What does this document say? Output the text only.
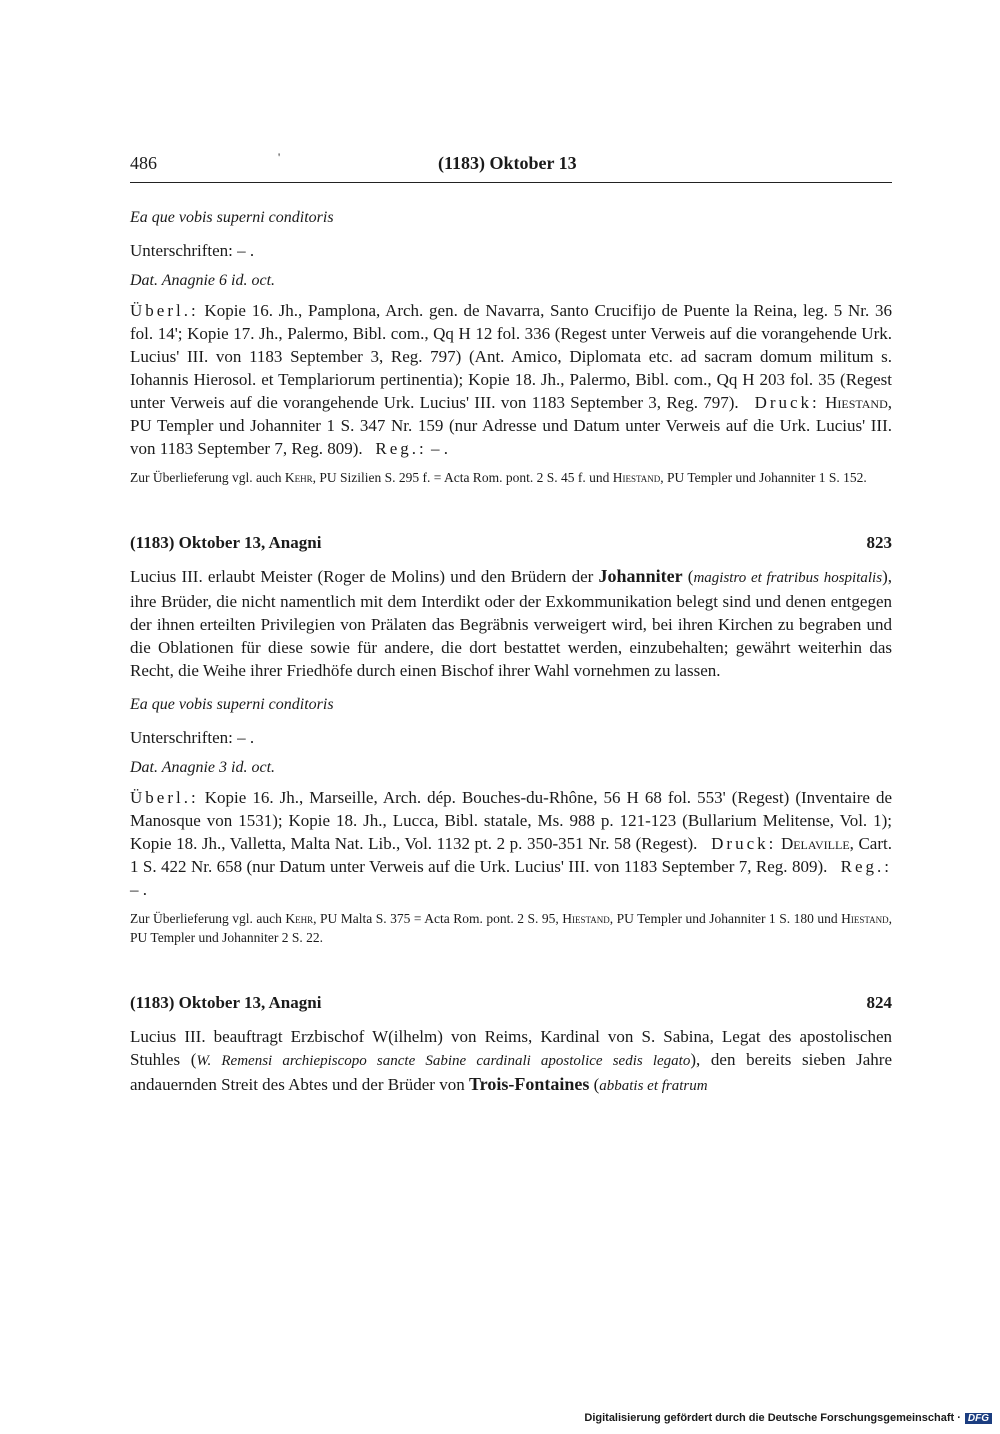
486	'	(1183) Oktober 13

Ea que vobis superni conditoris

Unterschriften: – .

Dat. Anagnie 6 id. oct.

Überl.: Kopie 16. Jh., Pamplona, Arch. gen. de Navarra, Santo Crucifijo de Puente la Reina, leg. 5 Nr. 36 fol. 14'; Kopie 17. Jh., Palermo, Bibl. com., Qq H 12 fol. 336 (Regest unter Verweis auf die vorangehende Urk. Lucius' III. von 1183 September 3, Reg. 797) (Ant. Amico, Diplomata etc. ad sacram domum militum s. Iohannis Hierosol. et Templariorum pertinentia); Kopie 18. Jh., Palermo, Bibl. com., Qq H 203 fol. 35 (Regest unter Verweis auf die vorangehende Urk. Lucius' III. von 1183 September 3, Reg. 797). Druck: Hiestand, PU Templer und Johanniter 1 S. 347 Nr. 159 (nur Adresse und Datum unter Verweis auf die Urk. Lucius' III. von 1183 September 7, Reg. 809). Reg.: – .

Zur Überlieferung vgl. auch Kehr, PU Sizilien S. 295 f. = Acta Rom. pont. 2 S. 45 f. und Hiestand, PU Templer und Johanniter 1 S. 152.

(1183) Oktober 13, Anagni	823

Lucius III. erlaubt Meister (Roger de Molins) und den Brüdern der Johanniter (magistro et fratribus hospitalis), ihre Brüder, die nicht namentlich mit dem Interdikt oder der Exkommunikation belegt sind und denen entgegen der ihnen erteilten Privilegien von Prälaten das Begräbnis verweigert wird, bei ihren Kirchen zu begraben und die Oblationen für diese sowie für andere, die dort bestattet werden, einzubehalten; gewährt weiterhin das Recht, die Weihe ihrer Friedhöfe durch einen Bischof ihrer Wahl vornehmen zu lassen.

Ea que vobis superni conditoris

Unterschriften: – .

Dat. Anagnie 3 id. oct.

Überl.: Kopie 16. Jh., Marseille, Arch. dép. Bouches-du-Rhône, 56 H 68 fol. 553' (Regest) (Inventaire de Manosque von 1531); Kopie 18. Jh., Lucca, Bibl. statale, Ms. 988 p. 121-123 (Bullarium Melitense, Vol. 1); Kopie 18. Jh., Valletta, Malta Nat. Lib., Vol. 1132 pt. 2 p. 350-351 Nr. 58 (Regest). Druck: Delaville, Cart. 1 S. 422 Nr. 658 (nur Datum unter Verweis auf die Urk. Lucius' III. von 1183 September 7, Reg. 809). Reg.: – .

Zur Überlieferung vgl. auch Kehr, PU Malta S. 375 = Acta Rom. pont. 2 S. 95, Hiestand, PU Templer und Johanniter 1 S. 180 und Hiestand, PU Templer und Johanniter 2 S. 22.

(1183) Oktober 13, Anagni	824

Lucius III. beauftragt Erzbischof W(ilhelm) von Reims, Kardinal von S. Sabina, Legat des apostolischen Stuhles (W. Remensi archiepiscopo sancte Sabine cardinali apostolice sedis legato), den bereits sieben Jahre andauernden Streit des Abtes und der Brüder von Trois-Fontaines (abbatis et fratrum

Digitalisierung gefördert durch die Deutsche Forschungsgemeinschaft · DFG
